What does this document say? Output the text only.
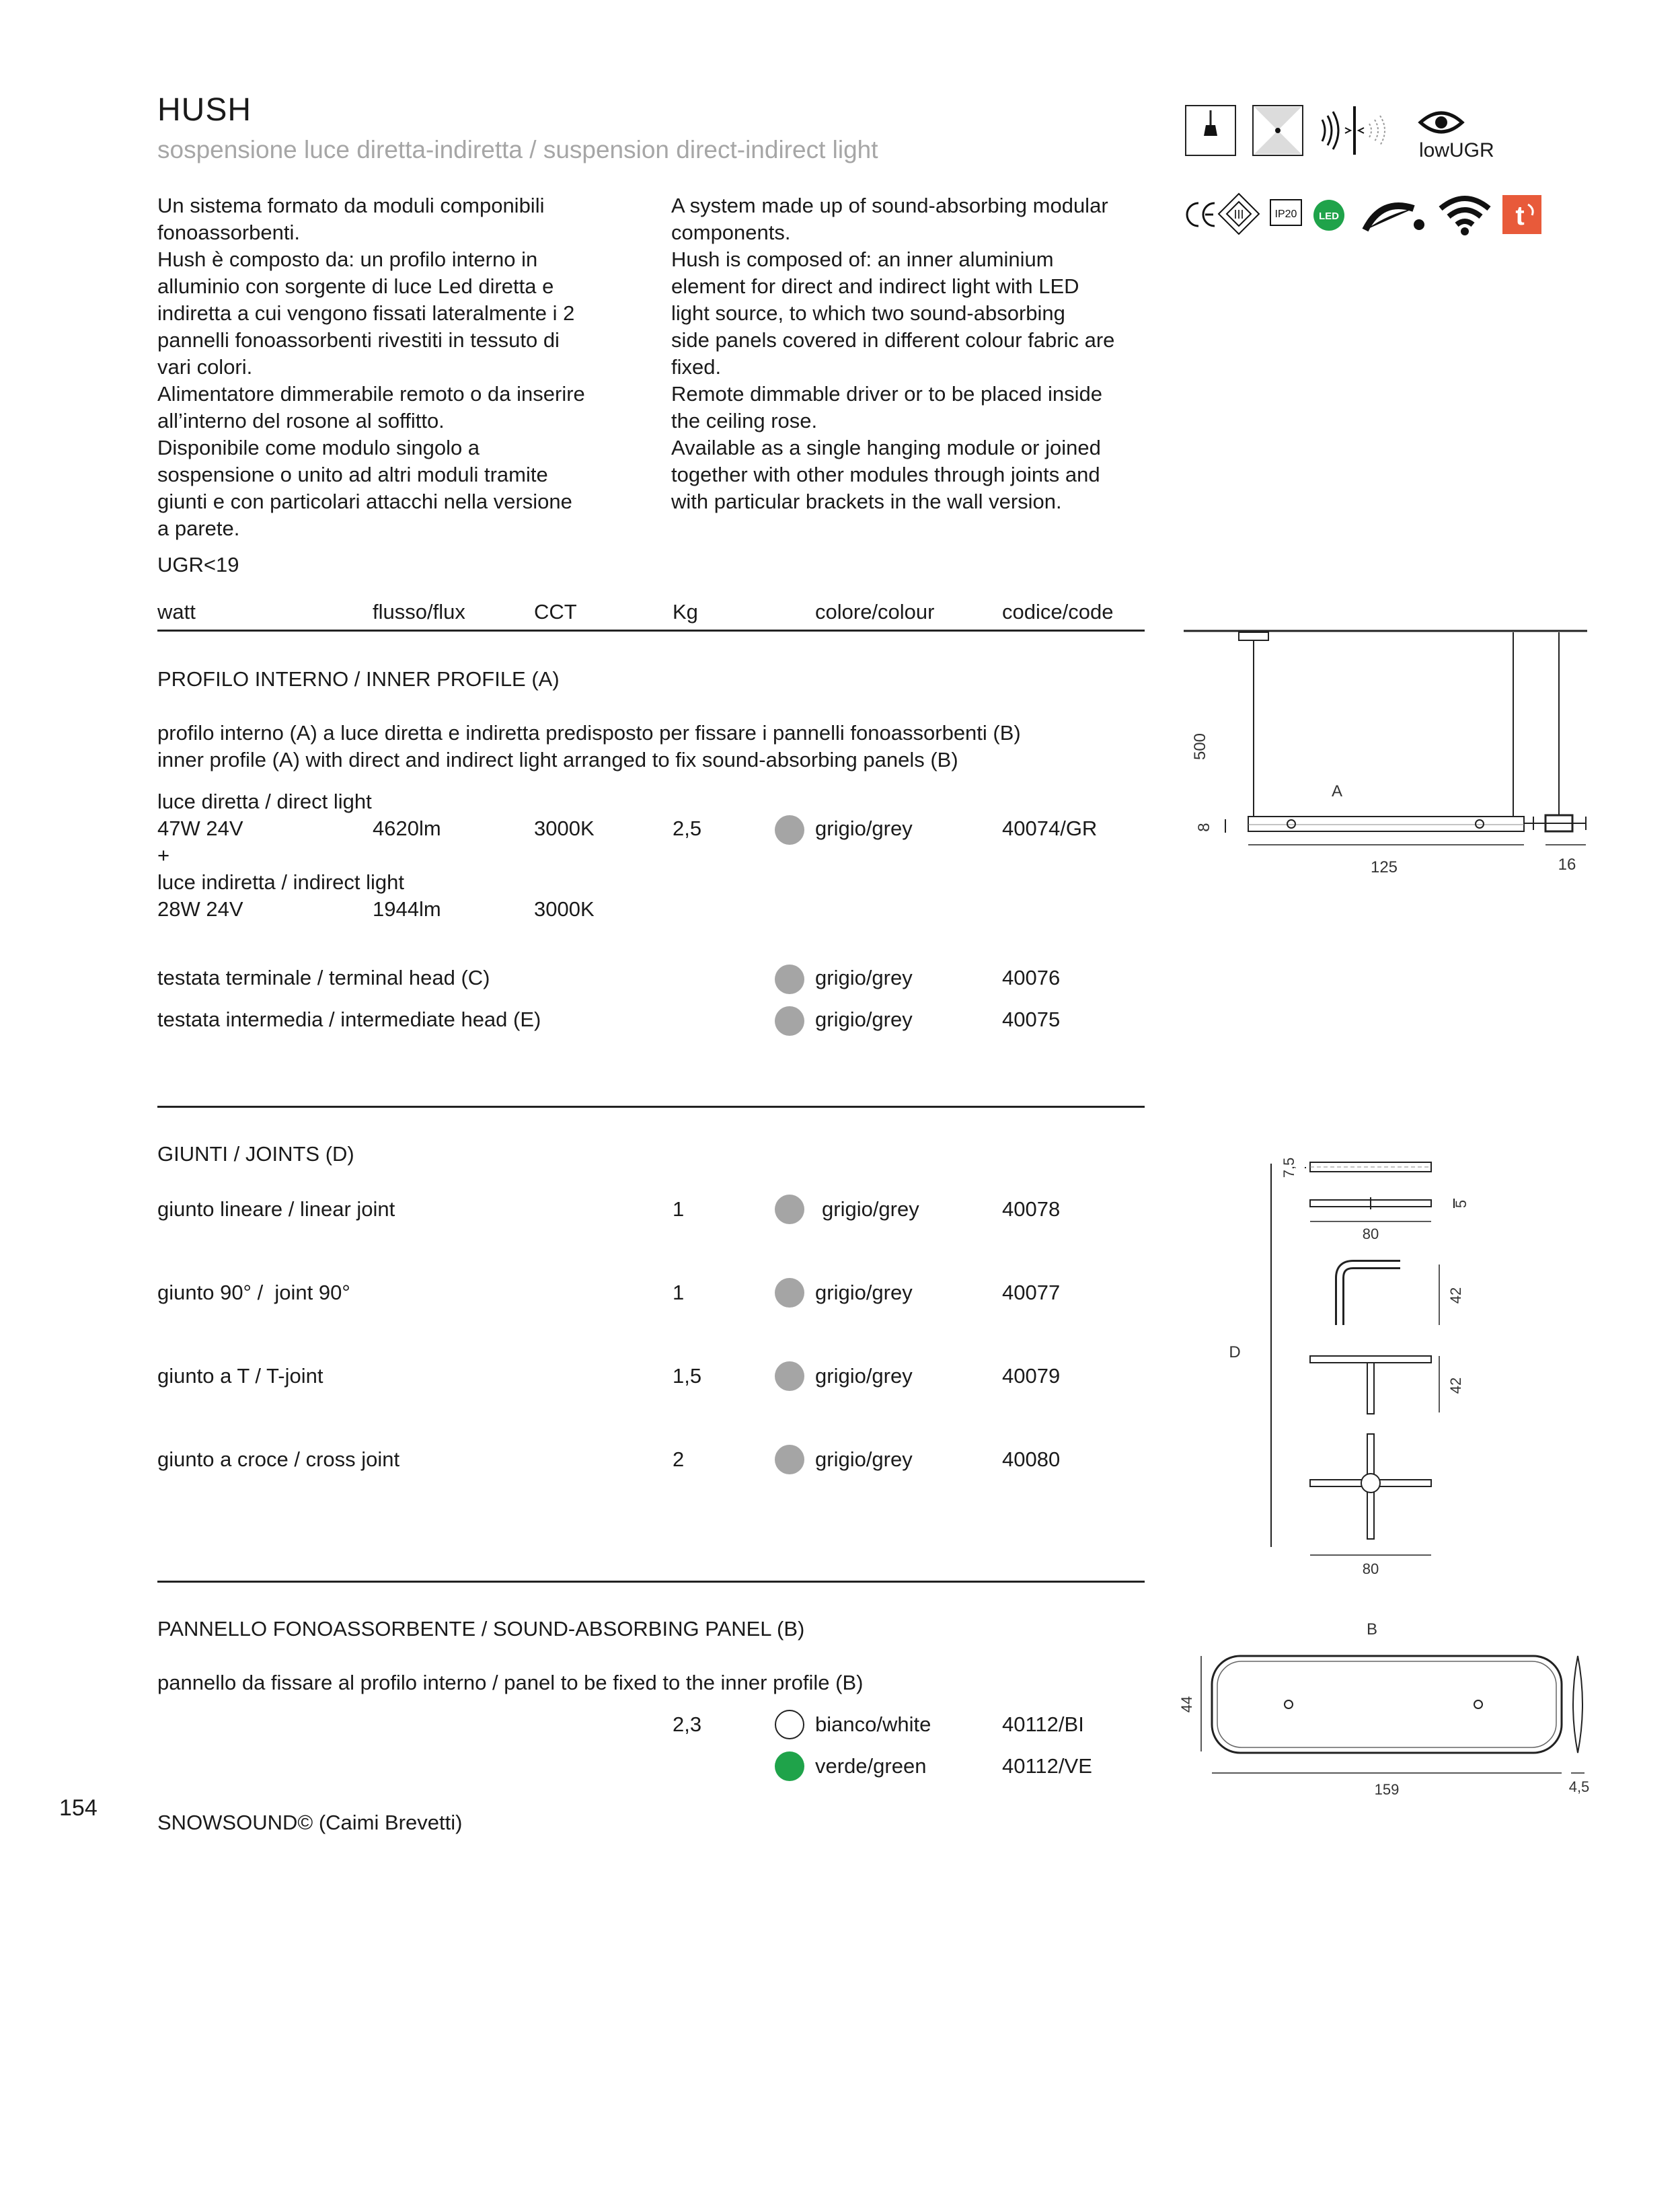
HUSH
sospensione luce diretta-indiretta / suspension direct-indirect light	lowUGR
III	IP20 LED	t
Un sistema formato da moduli componibili
fonoassorbenti.
Hush è composto da: un profilo interno in
alluminio con sorgente di luce Led diretta e
indiretta a cui vengono fissati lateralmente i 2
pannelli fonoassorbenti rivestiti in tessuto di
vari colori.
Alimentatore dimmerabile remoto o da inserire
all’interno del rosone al soffitto.
Disponibile come modulo singolo a
sospensione o unito ad altri moduli tramite
giunti e con particolari attacchi nella versione
a parete.
A system made up of sound-absorbing modular
components.
Hush is composed of: an inner aluminium
element for direct and indirect light with LED
light source, to which two sound-absorbing
side panels covered in different colour fabric are
fixed.
Remote dimmable driver or to be placed inside
the ceiling rose.
Available as a single hanging module or joined
together with other modules through joints and
with particular brackets in the wall version.
UGR<19
watt	flusso/flux	CCT	Kg	colore/colour	codice/code
PROFILO INTERNO / INNER PROFILE (A)
profilo interno (A) a luce diretta e indiretta predisposto per fissare i pannelli fonoassorbenti (B)
inner profile (A) with direct and indirect light arranged to fix sound-absorbing panels (B)
luce diretta / direct light
47W 24V	4620lm	3000K	2,5	grigio/grey	40074/GR
+
luce indiretta / indirect light
28W 24V	1944lm	3000K
testata terminale / terminal head (C)	grigio/grey	40076
testata intermedia / intermediate head (E)	grigio/grey	40075
GIUNTI / JOINTS (D)
giunto lineare / linear joint	1	grigio/grey	40078
giunto 90° /  joint 90°	1	grigio/grey	40077
giunto a T / T-joint	1,5	grigio/grey	40079
giunto a croce / cross joint	2	grigio/grey	40080
PANNELLO FONOASSORBENTE / SOUND-ABSORBING PANEL (B)
pannello da fissare al profilo interno / panel to be fixed to the inner profile (B)
2,3	bianco/white	40112/BI
verde/green	40112/VE
154
SNOWSOUND© (Caimi Brevetti)
A
500
8
125	16
7,5
5
80
42
D
42
80
B
44
159	4,5
